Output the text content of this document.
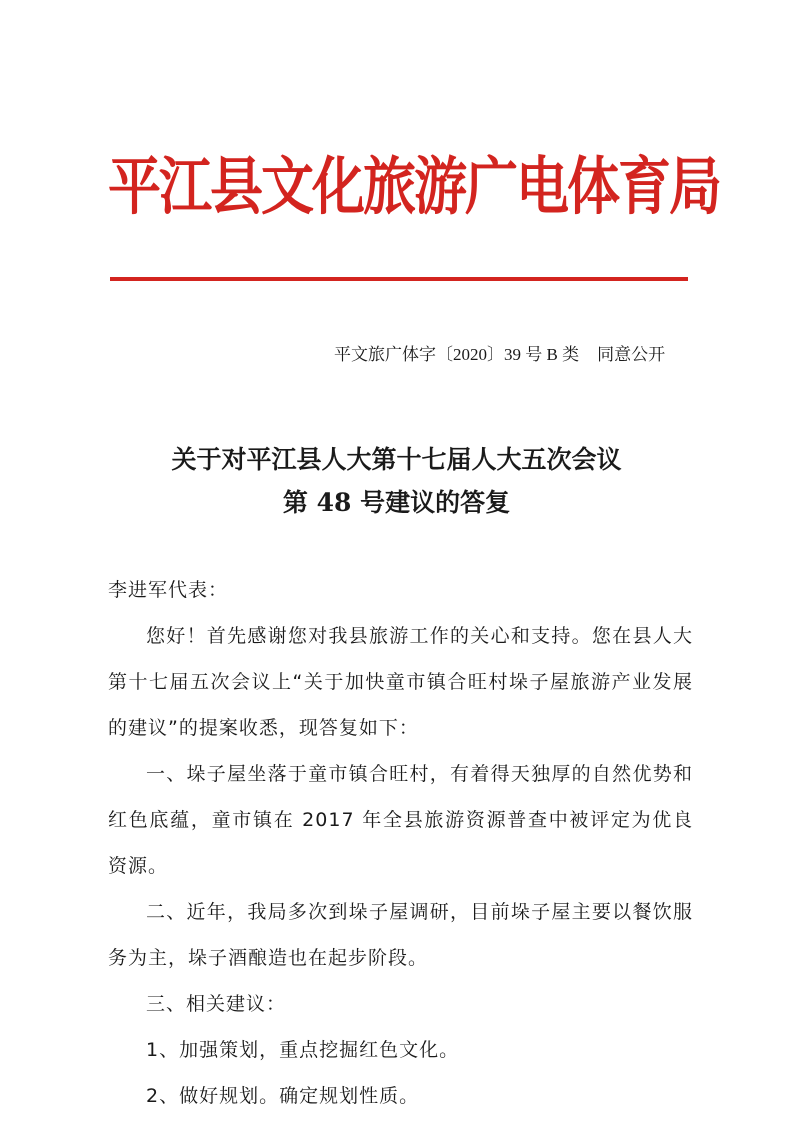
平江县文化旅游广电体育局
平文旅广体字〔2020〕39 号 B 类 同意公开
关于对平江县人大第十七届人大五次会议
第 48 号建议的答复

李进军代表：

您好！首先感谢您对我县旅游工作的关心和支持。您在县人大第十七届五次会议上“关于加快童市镇合旺村垛子屋旅游产业发展的建议”的提案收悉，现答复如下：

一、垛子屋坐落于童市镇合旺村，有着得天独厚的自然优势和红色底蕴，童市镇在 2017 年全县旅游资源普查中被评定为优良资源。

二、近年，我局多次到垛子屋调研，目前垛子屋主要以餐饮服务为主，垛子酒酿造也在起步阶段。

三、相关建议：

1、加强策划，重点挖掘红色文化。

2、做好规划。确定规划性质。
